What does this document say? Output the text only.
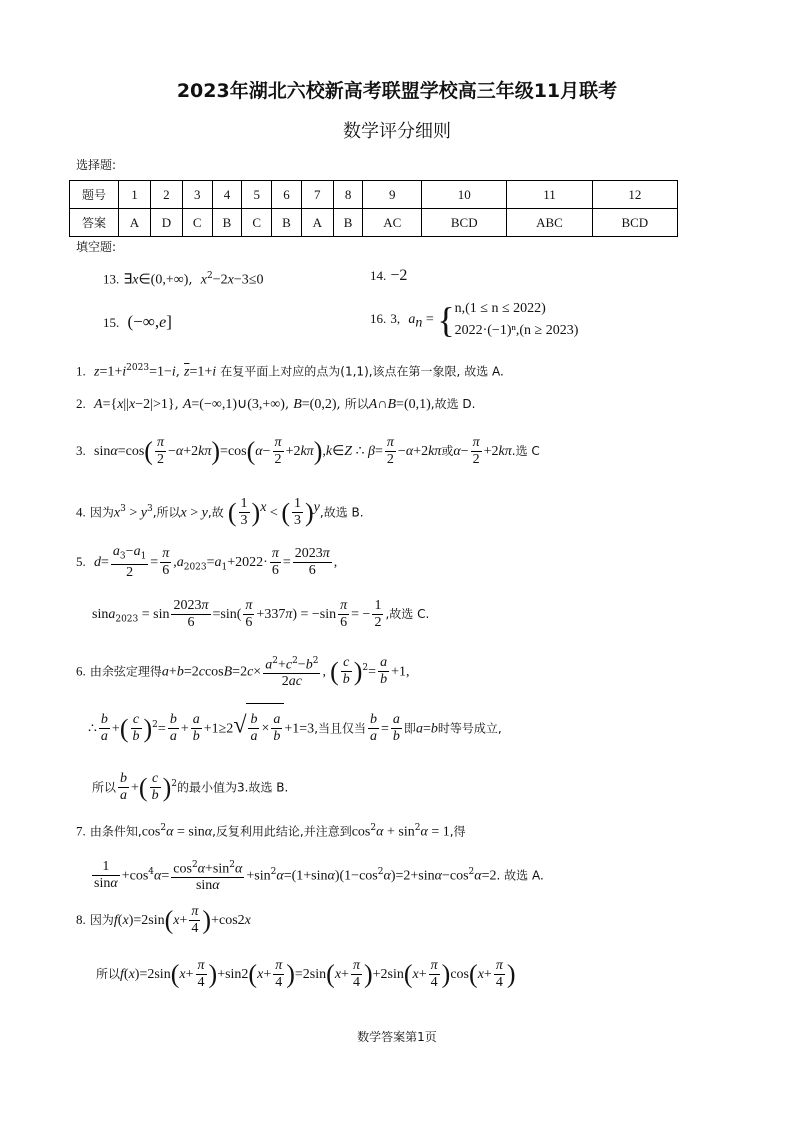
2023年湖北六校新高考联盟学校高三年级11月联考
数学评分细则
选择题:
题号	1	2	3	4	5	6	7	8	9	10	11	12
答案	A	D	C	B	C	B	A	B	AC	BCD	ABC	BCD
填空题:
13. ∃x∈(0,+∞),  $x^2-2x-3\le 0$	14. −2
15. (−∞,e]	16. 3, $a_n$ = { n,(1 ≤ n ≤ 2022)
2022·(−1)ⁿ,(n ≥ 2023)
1. $z=1+i^{2023}=1-i$, $\overline{z}=1+i$ 在复平面上对应的点为(1,1),该点在第一象限, 故选 A.
2. A={x||x−2|>1}, A=(−∞,1)∪(3,+∞), B=(0,2), 所以A∩B=(0,1),故选 D.
3. $\sin\alpha=\cos( \frac{\pi}{2} -\alpha+2k\pi)=\cos(\alpha- \frac{\pi}{2}$ +2kπ),k∈Z ∴ $\beta= \frac{\pi}{2} -\alpha+2k\pi$或$\alpha- \frac{\pi}{2} +2k\pi$.选 C
4. 因为$x^3 > y^3$,所以x > y,故 ( $\frac{1}{3} )^x$ < ( $\frac{1}{3} )^y$,故选 B.
5. $d= \frac{a_3-a_1}{2} = \frac{\pi}{6} ,a_{2023}=a_1+2022\cdot \frac{\pi}{6} = \frac{2023\pi}{6}$ ,
$\sin a_{2023} = \sin \frac{2023\pi}{6} =\sin( \frac{\pi}{6} +337\pi) = -\sin \frac{\pi}{6}$ = − $\frac{1}{2}$ ,故选 C.
6. 由余弦定理得$a+b=2ccosB=2c\times \frac{a^2+c^2-b^2}{2ac}$ , ( $\frac{c}{b} )^2= \frac{a}{b} +1$,
∴ $\frac{b}{a}$ +( $\frac{c}{b} )^2= \frac{b}{a} + \frac{a}{b} +1\ge 2√ \frac{b}{a} \times \frac{a}{b} +1=3$,当且仅当 $\frac{b}{a} = \frac{a}{b}$ 即a=b时等号成立,
所以 $\frac{b}{a}$ +( $\frac{c}{b} )^2$的最小值为3.故选 B.
7. 由条件知$,\cos^2\alpha = \sin\alpha$,反复利用此结论,并注意到$\cos^2\alpha + \sin^2\alpha = 1$,得
$\frac{1}{\sin\alpha} +\cos^4\alpha= \frac{\cos^2\alpha+\sin^2\alpha}{\sin\alpha} +\sin^2\alpha=(1+\sin\alpha)(1-\cos^2\alpha)=2+\sin\alpha-\cos^2\alpha=2$. 故选 A.
8. 因为$f(x)=2\sin(x+ \frac{\pi}{4} )+\cos 2x$
所以$f(x)=2\sin(x+ \frac{\pi}{4} )+\sin 2(x+ \frac{\pi}{4} )=2\sin(x+ \frac{\pi}{4} )+2\sin(x+ \frac{\pi}{4} )\cos(x+ \frac{\pi}{4}$ )
数学答案第1页
